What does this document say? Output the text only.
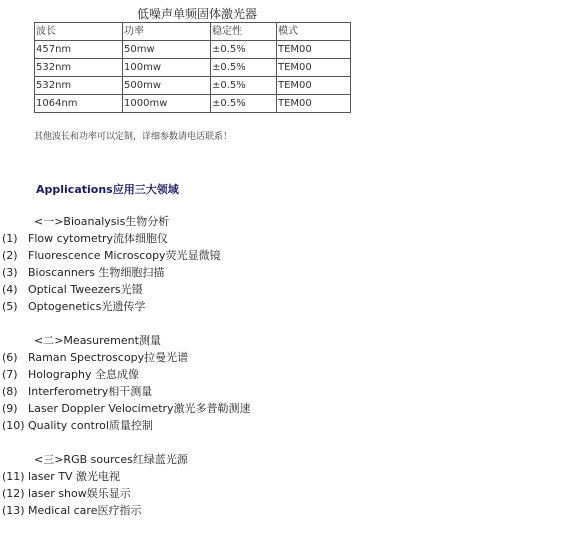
低噪声单频固体激光器
波长	功率	稳定性	模式
457nm	50mw	±0.5%	TEM00
532nm	100mw	±0.5%	TEM00
532nm	500mw	±0.5%	TEM00
1064nm	1000mw	±0.5%	TEM00
其他波长和功率可以定制，详细参数请电话联系！
Applications应用三大领域
<一>Bioanalysis生物分析
(1) Flow cytometry流体细胞仪
(2) Fluorescence Microscopy荧光显微镜
(3) Bioscanners 生物细胞扫描
(4) Optical Tweezers光镊
(5) Optogenetics光遗传学
<二>Measurement测量
(6) Raman Spectroscopy拉曼光谱
(7) Holography 全息成像
(8) Interferometry相干测量
(9) Laser Doppler Velocimetry激光多普勒测速
(10) Quality control质量控制
<三>RGB sources红绿蓝光源
(11) laser TV 激光电视
(12) laser show娱乐显示
(13) Medical care医疗指示
